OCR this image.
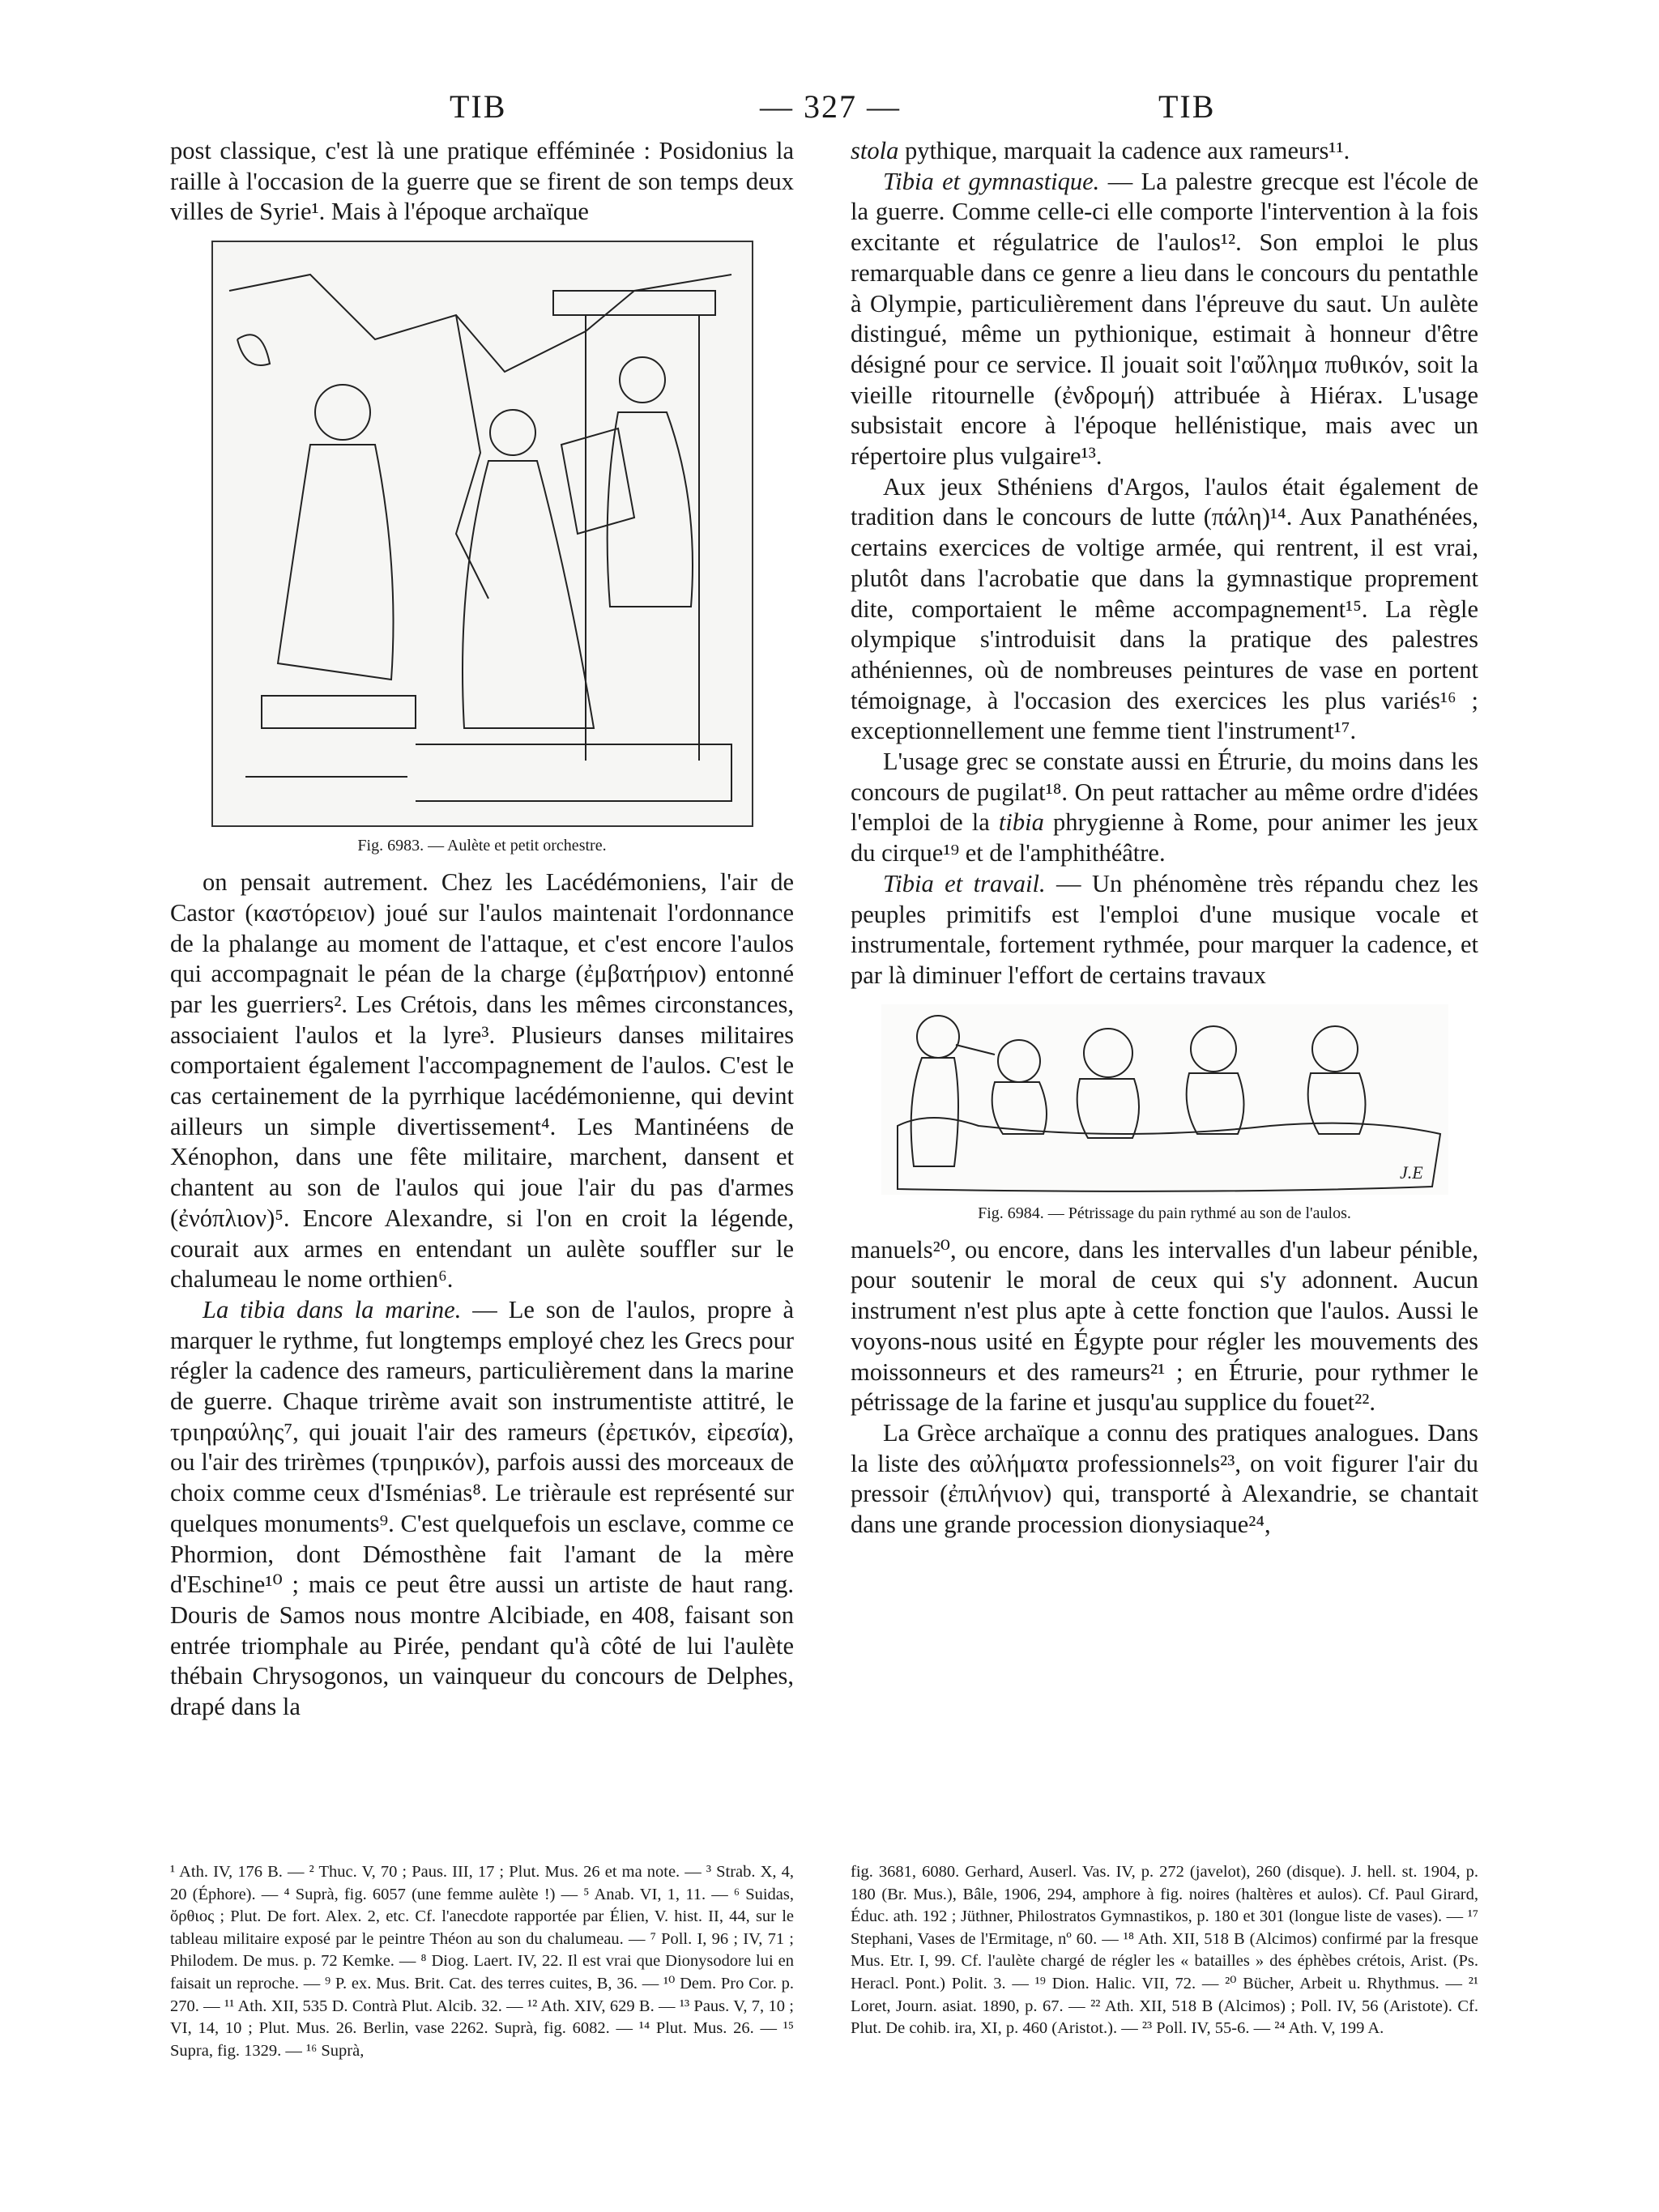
TIB	— 327 —	TIB

post classique, c'est là une pratique efféminée : Posidonius la raille à l'occasion de la guerre que se firent de son temps deux villes de Syrie¹. Mais à l'époque archaïque

Fig. 6983. — Aulète et petit orchestre.

on pensait autrement. Chez les Lacédémoniens, l'air de Castor (καστόρειον) joué sur l'aulos maintenait l'ordonnance de la phalange au moment de l'attaque, et c'est encore l'aulos qui accompagnait le péan de la charge (ἐμβατήριον) entonné par les guerriers². Les Crétois, dans les mêmes circonstances, associaient l'aulos et la lyre³. Plusieurs danses militaires comportaient également l'accompagnement de l'aulos. C'est le cas certainement de la pyrrhique lacédémonienne, qui devint ailleurs un simple divertissement⁴. Les Mantinéens de Xénophon, dans une fête militaire, marchent, dansent et chantent au son de l'aulos qui joue l'air du pas d'armes (ἐνόπλιον)⁵. Encore Alexandre, si l'on en croit la légende, courait aux armes en entendant un aulète souffler sur le chalumeau le nome orthien⁶.

La tibia dans la marine. — Le son de l'aulos, propre à marquer le rythme, fut longtemps employé chez les Grecs pour régler la cadence des rameurs, particulièrement dans la marine de guerre. Chaque trirème avait son instrumentiste attitré, le τριηραύλης⁷, qui jouait l'air des rameurs (ἐρετικόν, εἰρεσία), ou l'air des trirèmes (τριηρικόν), parfois aussi des morceaux de choix comme ceux d'Isménias⁸. Le trièraule est représenté sur quelques monuments⁹. C'est quelquefois un esclave, comme ce Phormion, dont Démosthène fait l'amant de la mère d'Eschine¹⁰ ; mais ce peut être aussi un artiste de haut rang. Douris de Samos nous montre Alcibiade, en 408, faisant son entrée triomphale au Pirée, pendant qu'à côté de lui l'aulète thébain Chrysogonos, un vainqueur du concours de Delphes, drapé dans la

stola pythique, marquait la cadence aux rameurs¹¹.

Tibia et gymnastique. — La palestre grecque est l'école de la guerre. Comme celle-ci elle comporte l'intervention à la fois excitante et régulatrice de l'aulos¹². Son emploi le plus remarquable dans ce genre a lieu dans le concours du pentathle à Olympie, particulièrement dans l'épreuve du saut. Un aulète distingué, même un pythionique, estimait à honneur d'être désigné pour ce service. Il jouait soit l'αὔλημα πυθικόν, soit la vieille ritournelle (ἐνδρομή) attribuée à Hiérax. L'usage subsistait encore à l'époque hellénistique, mais avec un répertoire plus vulgaire¹³.

Aux jeux Sthéniens d'Argos, l'aulos était également de tradition dans le concours de lutte (πάλη)¹⁴. Aux Panathénées, certains exercices de voltige armée, qui rentrent, il est vrai, plutôt dans l'acrobatie que dans la gymnastique proprement dite, comportaient le même accompagnement¹⁵. La règle olympique s'introduisit dans la pratique des palestres athéniennes, où de nombreuses peintures de vase en portent témoignage, à l'occasion des exercices les plus variés¹⁶ ; exceptionnellement une femme tient l'instrument¹⁷.

L'usage grec se constate aussi en Étrurie, du moins dans les concours de pugilat¹⁸. On peut rattacher au même ordre d'idées l'emploi de la tibia phrygienne à Rome, pour animer les jeux du cirque¹⁹ et de l'amphithéâtre.

Tibia et travail. — Un phénomène très répandu chez les peuples primitifs est l'emploi d'une musique vocale et instrumentale, fortement rythmée, pour marquer la cadence, et par là diminuer l'effort de certains travaux

J.E
Fig. 6984. — Pétrissage du pain rythmé au son de l'aulos.

manuels²⁰, ou encore, dans les intervalles d'un labeur pénible, pour soutenir le moral de ceux qui s'y adonnent. Aucun instrument n'est plus apte à cette fonction que l'aulos. Aussi le voyons-nous usité en Égypte pour régler les mouvements des moissonneurs et des rameurs²¹ ; en Étrurie, pour rythmer le pétrissage de la farine et jusqu'au supplice du fouet²².

La Grèce archaïque a connu des pratiques analogues. Dans la liste des αὐλήματα professionnels²³, on voit figurer l'air du pressoir (ἐπιλήνιον) qui, transporté à Alexandrie, se chantait dans une grande procession dionysiaque²⁴,

¹ Ath. IV, 176 B. — ² Thuc. V, 70 ; Paus. III, 17 ; Plut. Mus. 26 et ma note. — ³ Strab. X, 4, 20 (Éphore). — ⁴ Suprà, fig. 6057 (une femme aulète !) — ⁵ Anab. VI, 1, 11. — ⁶ Suidas, ὄρθιος ; Plut. De fort. Alex. 2, etc. Cf. l'anecdote rapportée par Élien, V. hist. II, 44, sur le tableau militaire exposé par le peintre Théon au son du chalumeau. — ⁷ Poll. I, 96 ; IV, 71 ; Philodem. De mus. p. 72 Kemke. — ⁸ Diog. Laert. IV, 22. Il est vrai que Dionysodore lui en faisait un reproche. — ⁹ P. ex. Mus. Brit. Cat. des terres cuites, B, 36. — ¹⁰ Dem. Pro Cor. p. 270. — ¹¹ Ath. XII, 535 D. Contrà Plut. Alcib. 32. — ¹² Ath. XIV, 629 B. — ¹³ Paus. V, 7, 10 ; VI, 14, 10 ; Plut. Mus. 26. Berlin, vase 2262. Suprà, fig. 6082. — ¹⁴ Plut. Mus. 26. — ¹⁵ Supra, fig. 1329. — ¹⁶ Suprà,

fig. 3681, 6080. Gerhard, Auserl. Vas. IV, p. 272 (javelot), 260 (disque). J. hell. st. 1904, p. 180 (Br. Mus.), Bâle, 1906, 294, amphore à fig. noires (haltères et aulos). Cf. Paul Girard, Éduc. ath. 192 ; Jüthner, Philostratos Gymnastikos, p. 180 et 301 (longue liste de vases). — ¹⁷ Stephani, Vases de l'Ermitage, nº 60. — ¹⁸ Ath. XII, 518 B (Alcimos) confirmé par la fresque Mus. Etr. I, 99. Cf. l'aulète chargé de régler les « batailles » des éphèbes crétois, Arist. (Ps. Heracl. Pont.) Polit. 3. — ¹⁹ Dion. Halic. VII, 72. — ²⁰ Bücher, Arbeit u. Rhythmus. — ²¹ Loret, Journ. asiat. 1890, p. 67. — ²² Ath. XII, 518 B (Alcimos) ; Poll. IV, 56 (Aristote). Cf. Plut. De cohib. ira, XI, p. 460 (Aristot.). — ²³ Poll. IV, 55-6. — ²⁴ Ath. V, 199 A.
